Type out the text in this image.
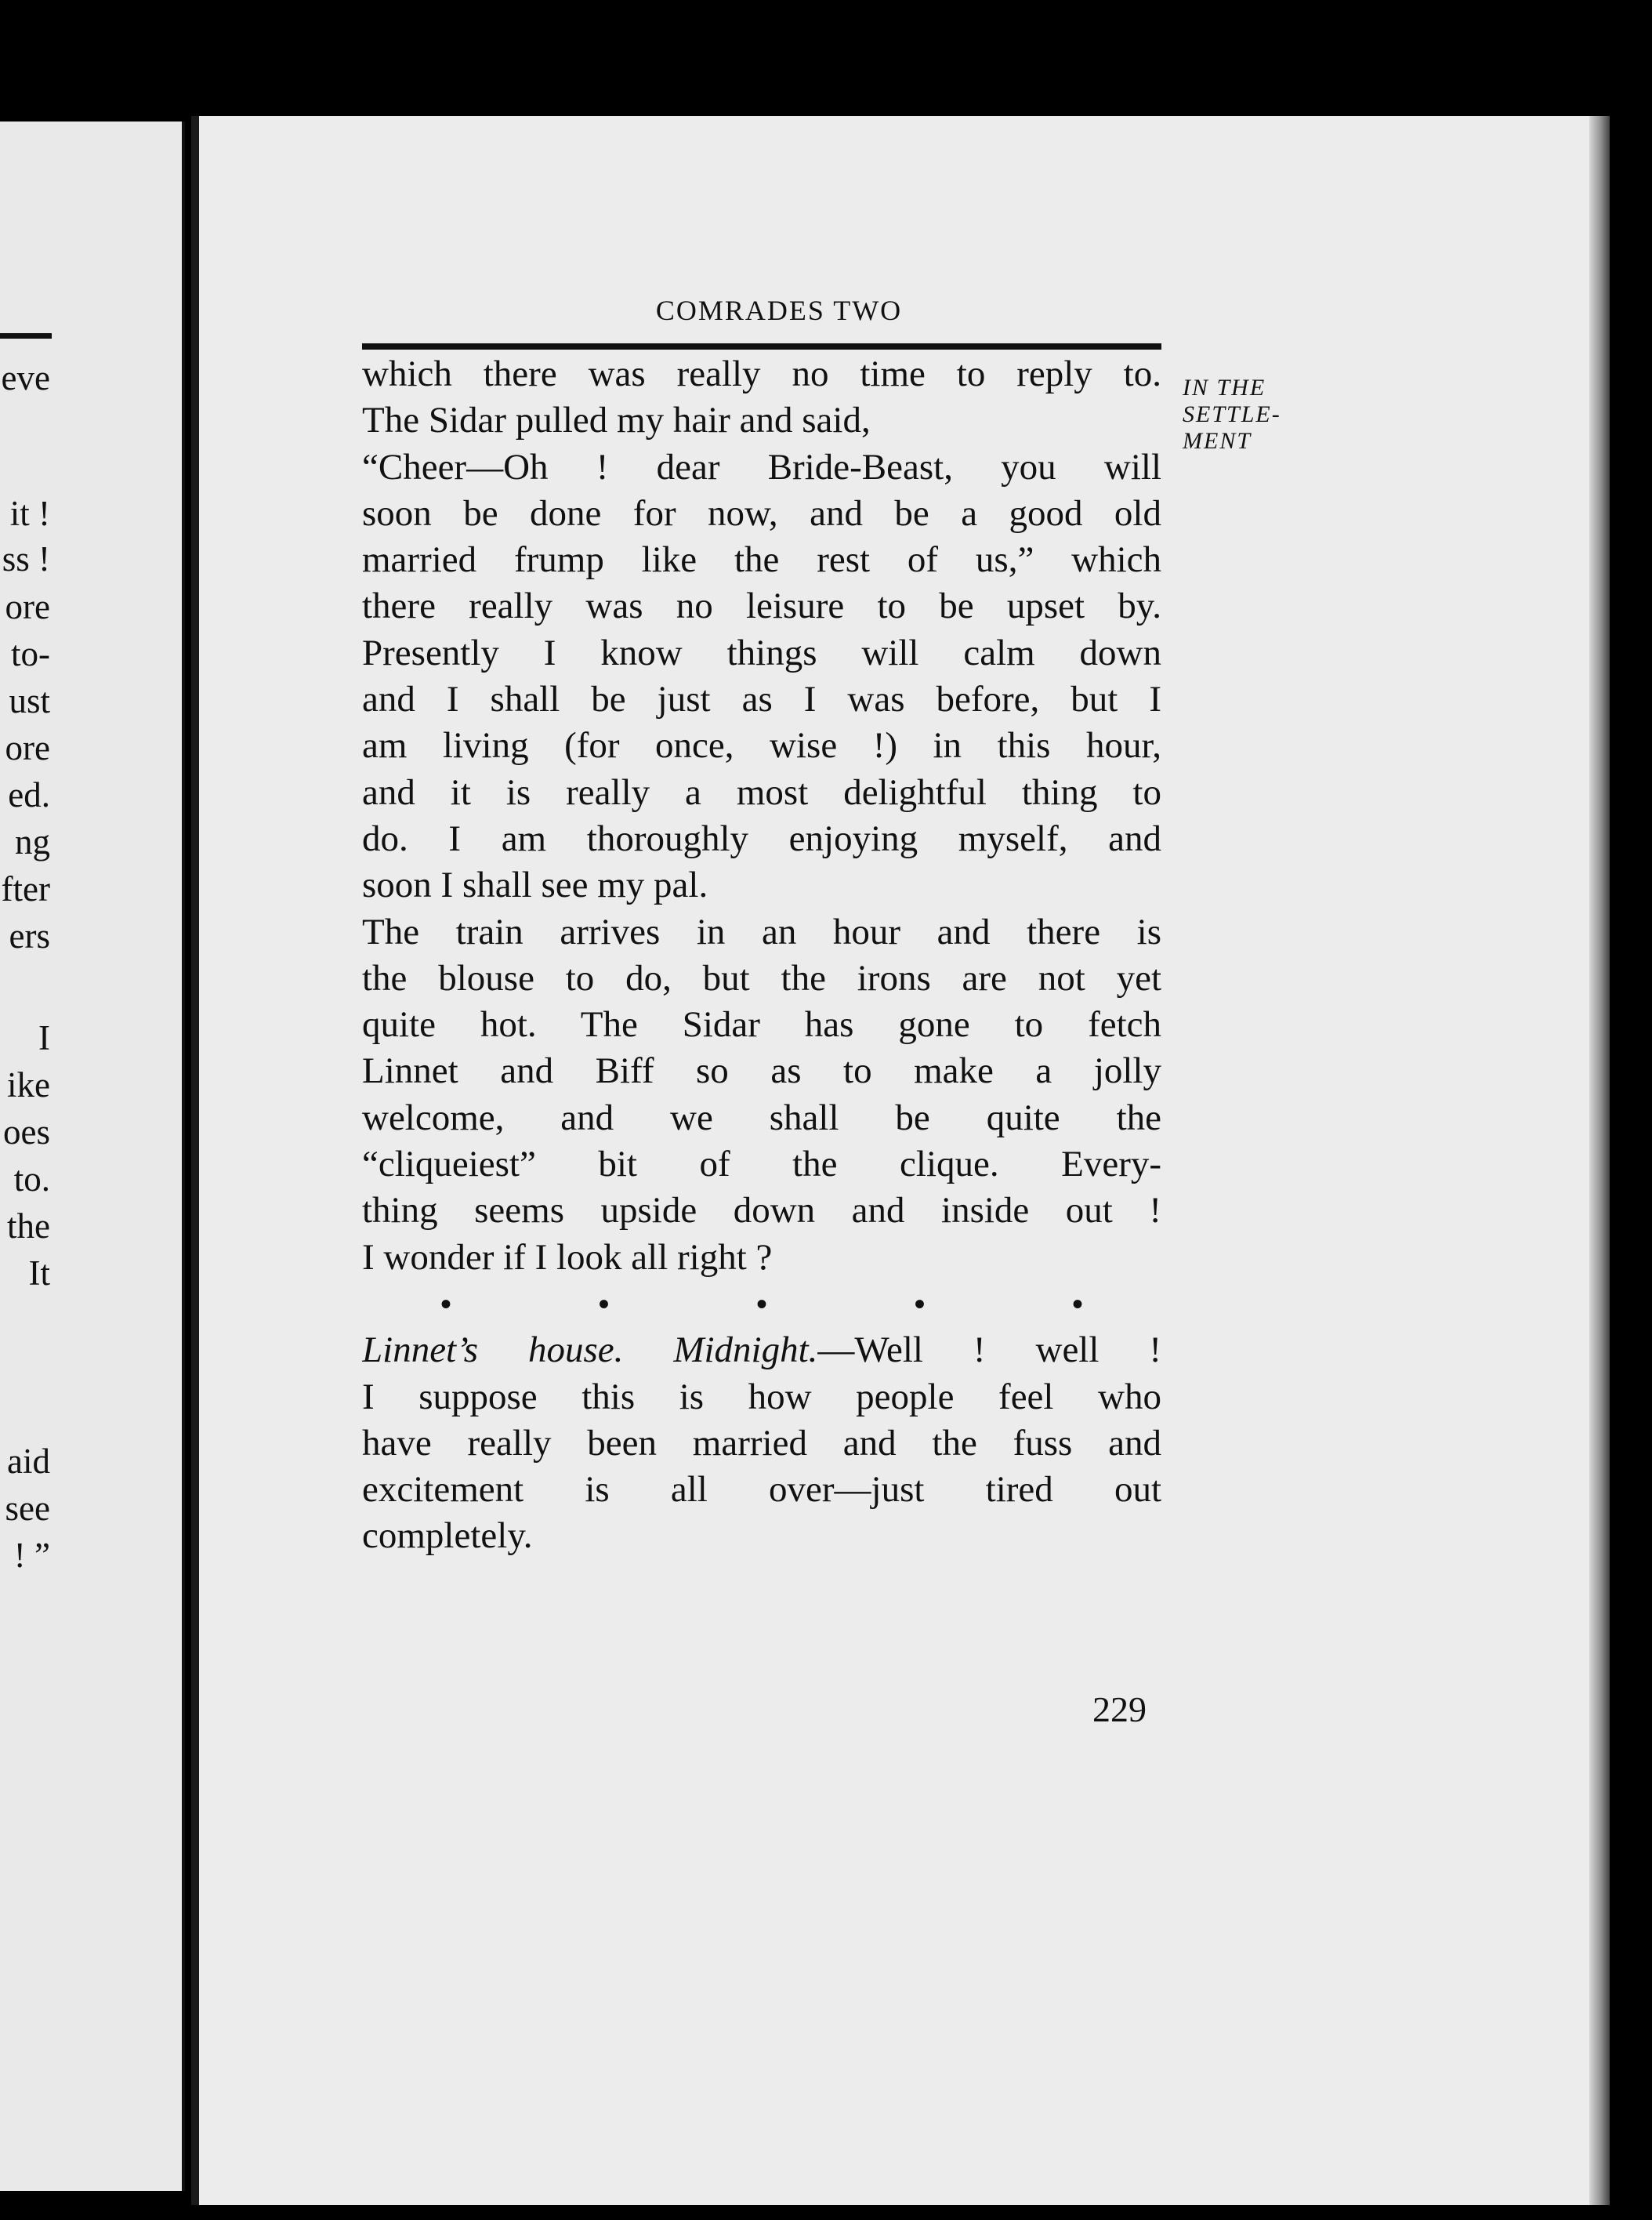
eve
it !
ss !
ore
to-
ust
ore
ed.
ng
fter
ers
I
ike
oes
to.
the
It
aid
see
! ”
COMRADES TWO
IN THE
SETTLE-
MENT
which there was really no time to reply to.
The Sidar pulled my hair and said,
“Cheer—Oh ! dear Bride-Beast, you will
soon be done for now, and be a good old
married frump like the rest of us,” which
there really was no leisure to be upset by.
Presently I know things will calm down
and I shall be just as I was before, but I
am living (for once, wise !) in this hour,
and it is really a most delightful thing to
do. I am thoroughly enjoying myself, and
soon I shall see my pal.
The train arrives in an hour and there is
the blouse to do, but the irons are not yet
quite hot. The Sidar has gone to fetch
Linnet and Biff so as to make a jolly
welcome, and we shall be quite the
“cliqueiest” bit of the clique. Every-
thing seems upside down and inside out !
I wonder if I look all right ?
•	•	•	•	•
Linnet’s house. Midnight.—Well ! well !
I suppose this is how people feel who
have really been married and the fuss and
excitement is all over—just tired out
completely.
229
